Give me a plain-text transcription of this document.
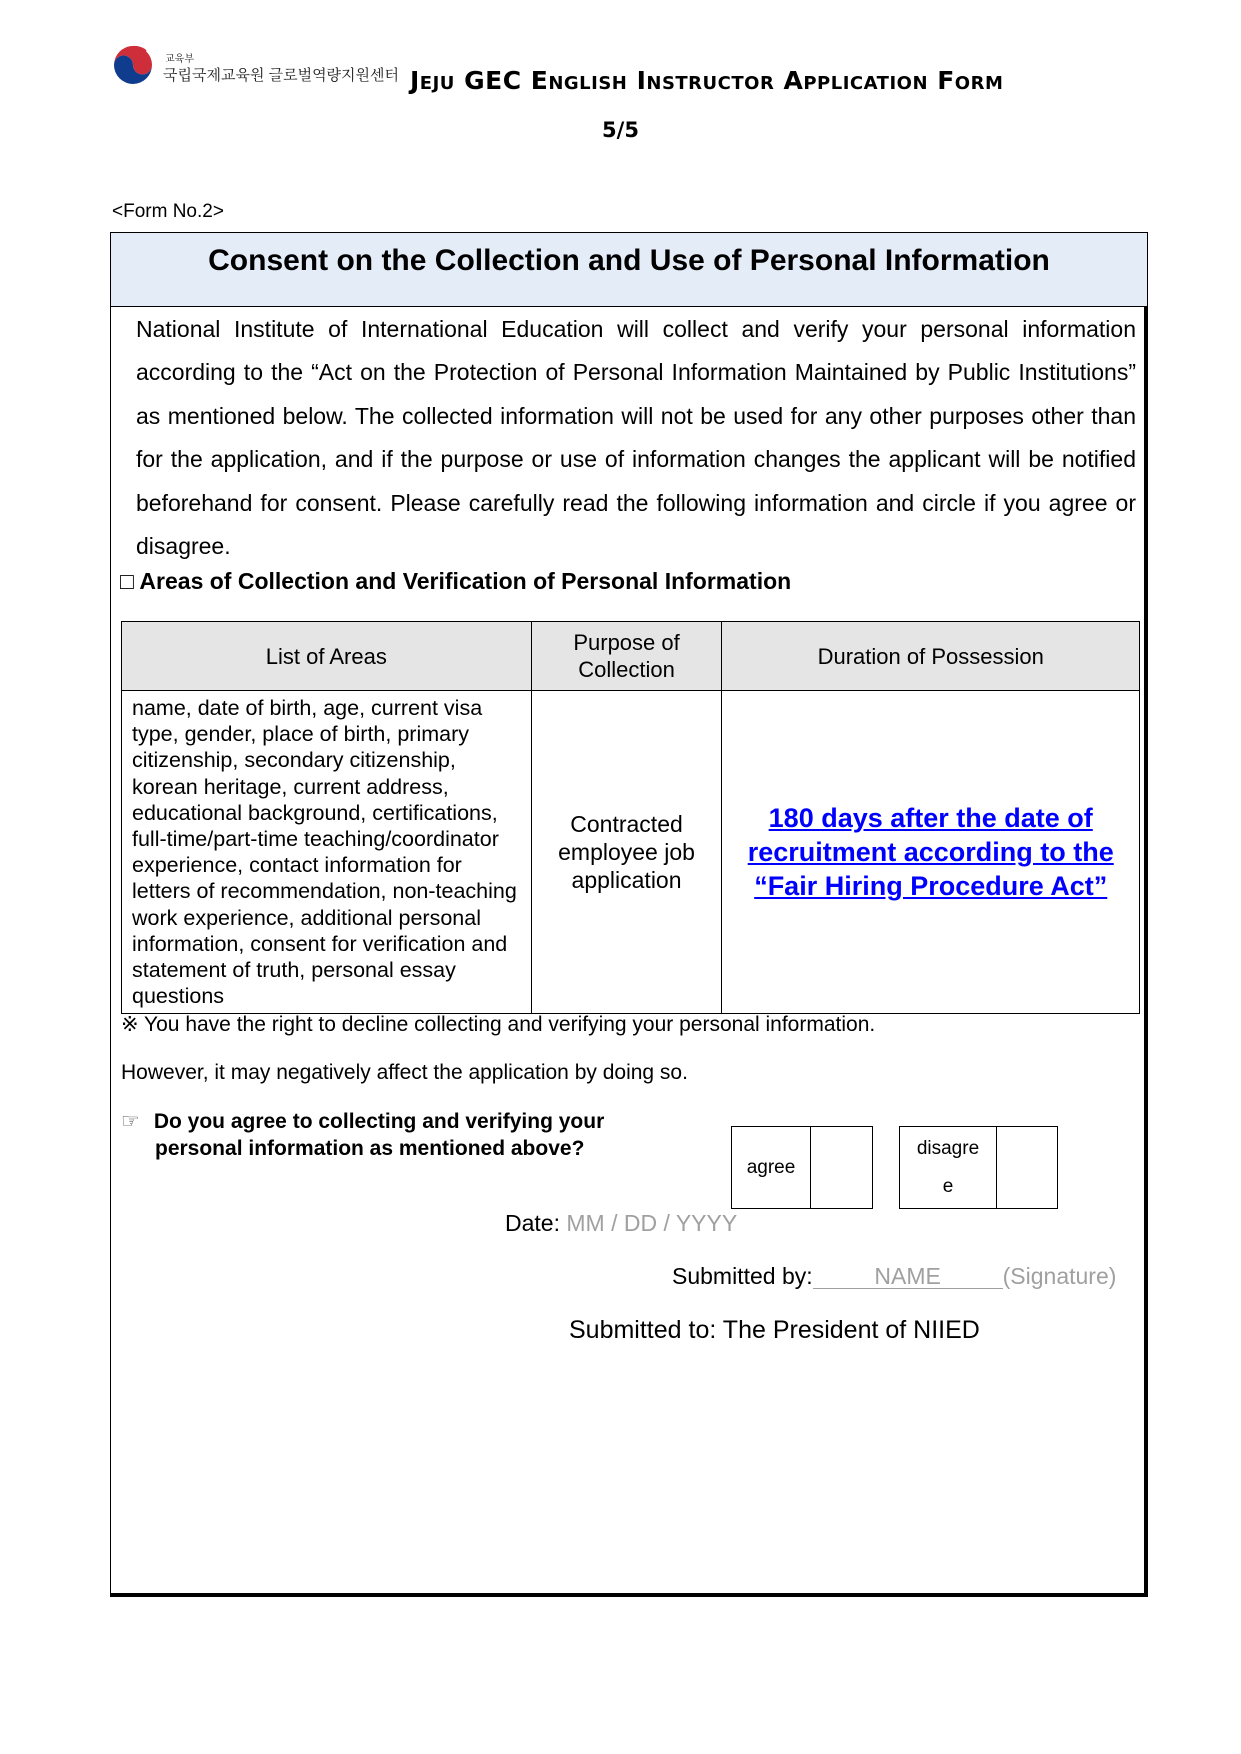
교육부
국립국제교육원 글로벌역량지원센터 Jeju GEC English Instructor Application Form
5/5
<Form No.2>
Consent on the Collection and Use of Personal Information
National Institute of International Education will collect and verify your personal information according to the “Act on the Protection of Personal Information Maintained by Public Institutions” as mentioned below. The collected information will not be used for any other purposes other than for the application, and if the purpose or use of information changes the applicant will be notified beforehand for consent. Please carefully read the following information and circle if you agree or disagree.
□ Areas of Collection and Verification of Personal Information
List of Areas	Purpose of Collection	Duration of Possession
name, date of birth, age, current visa type, gender, place of birth, primary citizenship, secondary citizenship, korean heritage, current address, educational background, certifications, full-time/part-time teaching/coordinator experience, contact information for letters of recommendation, non-teaching work experience, additional personal information, consent for verification and statement of truth, personal essay questions	Contracted employee job application	180 days after the date of recruitment according to the “Fair Hiring Procedure Act”
※ You have the right to decline collecting and verifying your personal information.
However, it may negatively affect the application by doing so.
☞ Do you agree to collecting and verifying your
personal information as mentioned above?
agree
disagre
e
Date: MM / DD / YYYY
Submitted by:	NAME	(Signature)
Submitted to: The President of NIIED
